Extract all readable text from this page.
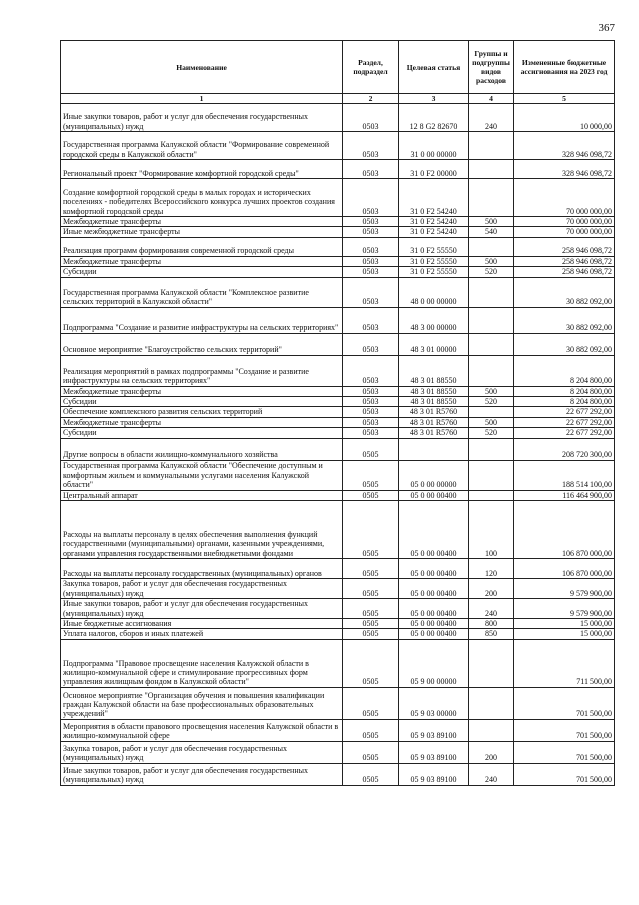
367
Наименование	Раздел, подраздел	Целевая статья	Группы и подгруппы видов расходов	Измененные бюджетные ассигнования на 2023 год
1	2	3	4	5
Иные закупки товаров, работ и услуг для обеспечения государственных (муниципальных) нужд	0503	12 8 G2 82670	240	10 000,00
Государственная программа Калужской области "Формирование современной городской среды в Калужской области"	0503	31 0 00 00000		328 946 098,72
Региональный проект "Формирование комфортной городской среды"	0503	31 0 F2 00000		328 946 098,72
Создание комфортной городской среды в малых городах и исторических поселениях - победителях Всероссийского конкурса лучших проектов создания комфортной городской среды	0503	31 0 F2 54240		70 000 000,00
Межбюджетные трансферты	0503	31 0 F2 54240	500	70 000 000,00
Иные межбюджетные трансферты	0503	31 0 F2 54240	540	70 000 000,00
Реализация программ формирования современной городской среды	0503	31 0 F2 55550		258 946 098,72
Межбюджетные трансферты	0503	31 0 F2 55550	500	258 946 098,72
Субсидии	0503	31 0 F2 55550	520	258 946 098,72
Государственная программа Калужской области "Комплексное развитие сельских территорий в Калужской области"	0503	48 0 00 00000		30 882 092,00
Подпрограмма "Создание и развитие инфраструктуры на сельских территориях"	0503	48 3 00 00000		30 882 092,00
Основное мероприятие "Благоустройство сельских территорий"	0503	48 3 01 00000		30 882 092,00
Реализация мероприятий в рамках подпрограммы "Создание и развитие инфраструктуры на сельских территориях"	0503	48 3 01 88550		8 204 800,00
Межбюджетные трансферты	0503	48 3 01 88550	500	8 204 800,00
Субсидии	0503	48 3 01 88550	520	8 204 800,00
Обеспечение комплексного развития сельских территорий	0503	48 3 01 R5760		22 677 292,00
Межбюджетные трансферты	0503	48 3 01 R5760	500	22 677 292,00
Субсидии	0503	48 3 01 R5760	520	22 677 292,00
Другие вопросы в области жилищно-коммунального хозяйства	0505			208 720 300,00
Государственная программа Калужской области "Обеспечение доступным и комфортным жильем и коммунальными услугами населения Калужской области"	0505	05 0 00 00000		188 514 100,00
Центральный аппарат	0505	05 0 00 00400		116 464 900,00
Расходы на выплаты персоналу в целях обеспечения выполнения функций государственными (муниципальными) органами, казенными учреждениями, органами управления государственными внебюджетными фондами	0505	05 0 00 00400	100	106 870 000,00
Расходы на выплаты персоналу государственных (муниципальных) органов	0505	05 0 00 00400	120	106 870 000,00
Закупка товаров, работ и услуг для обеспечения государственных (муниципальных) нужд	0505	05 0 00 00400	200	9 579 900,00
Иные закупки товаров, работ и услуг для обеспечения государственных (муниципальных) нужд	0505	05 0 00 00400	240	9 579 900,00
Иные бюджетные ассигнования	0505	05 0 00 00400	800	15 000,00
Уплата налогов, сборов и иных платежей	0505	05 0 00 00400	850	15 000,00
Подпрограмма "Правовое просвещение населения Калужской области в жилищно-коммунальной сфере и стимулирование прогрессивных форм управления жилищным фондом в Калужской области"	0505	05 9 00 00000		711 500,00
Основное мероприятие "Организация обучения и повышения квалификации граждан Калужской области на базе профессиональных образовательных учреждений"	0505	05 9 03 00000		701 500,00
Мероприятия в области правового просвещения населения Калужской области в жилищно-коммунальной сфере	0505	05 9 03 89100		701 500,00
Закупка товаров, работ и услуг для обеспечения государственных (муниципальных) нужд	0505	05 9 03 89100	200	701 500,00
Иные закупки товаров, работ и услуг для обеспечения государственных (муниципальных) нужд	0505	05 9 03 89100	240	701 500,00
